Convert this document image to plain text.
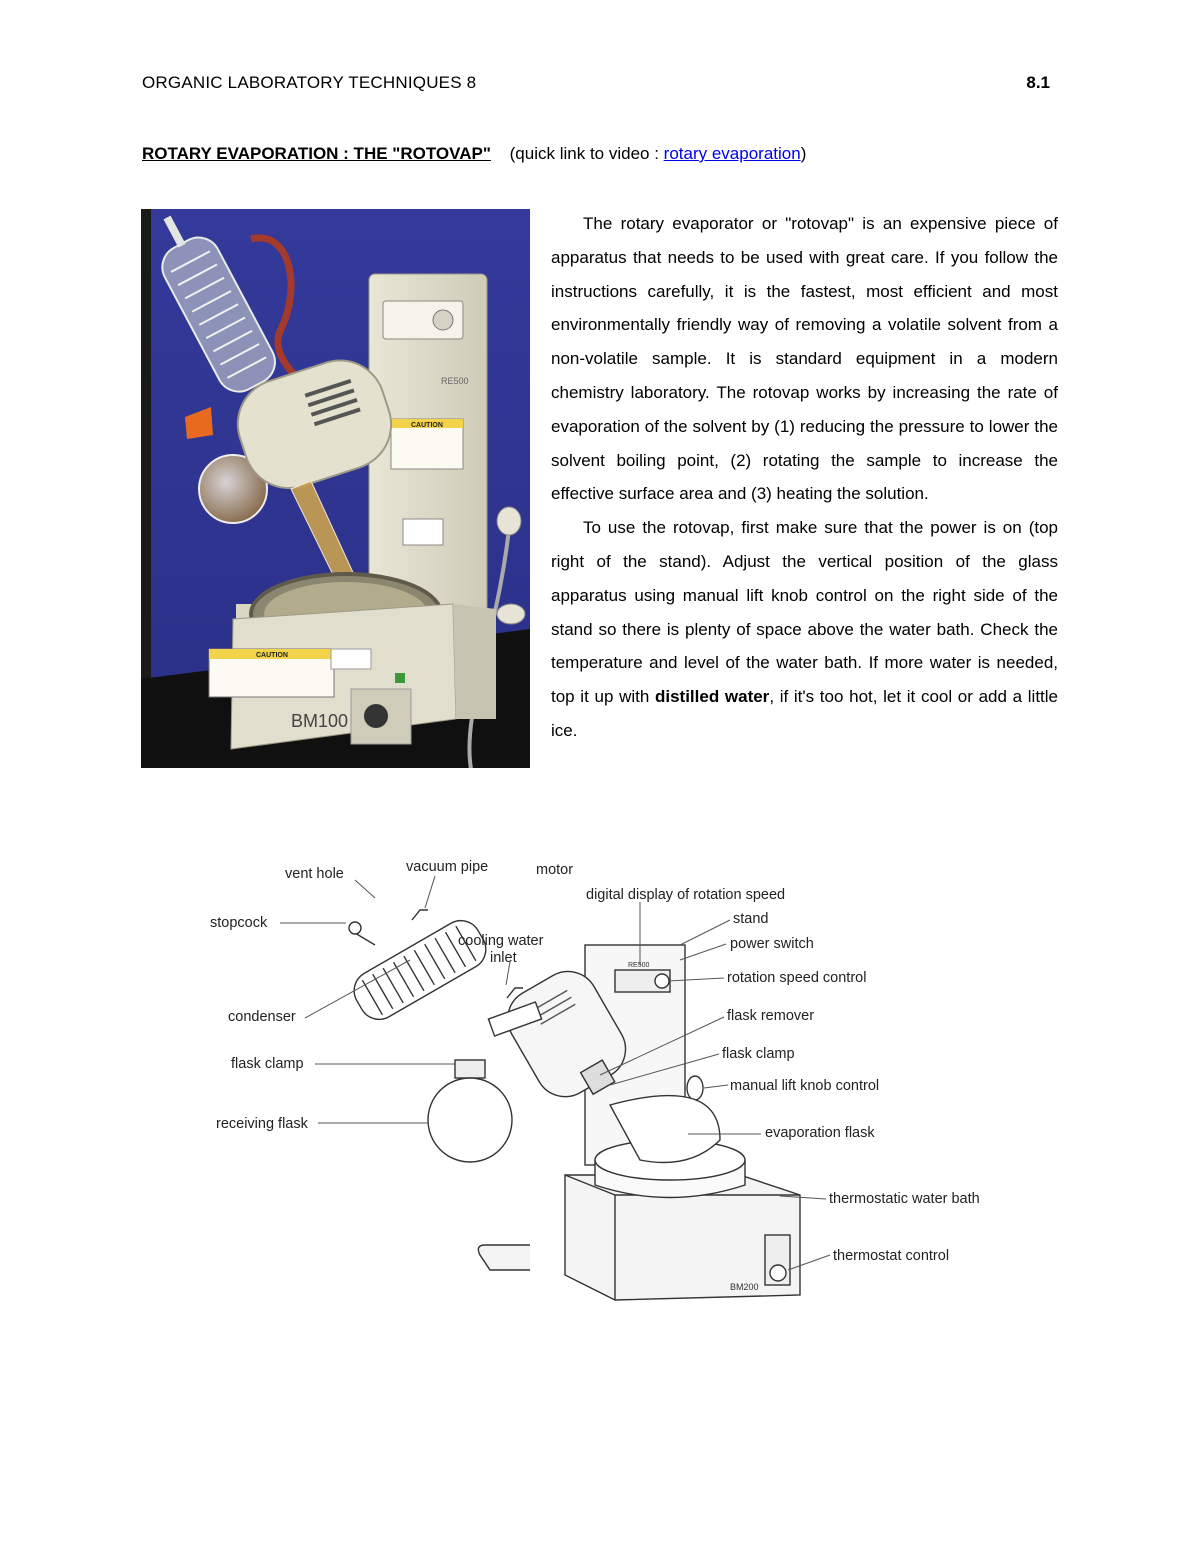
ORGANIC LABORATORY TECHNIQUES 8	8.1
ROTARY EVAPORATION : THE "ROTOVAP" (quick link to video : rotary evaporation)
RE500
CAUTION
CAUTION
BM100

The rotary evaporator or "rotovap" is an expensive piece of apparatus that needs to be used with great care. If you follow the instructions carefully, it is the fastest, most efficient and most environmentally friendly way of removing a volatile solvent from a non-volatile sample. It is standard equipment in a modern chemistry laboratory. The rotovap works by increasing the rate of evaporation of the solvent by (1) reducing the pressure to lower the solvent boiling point, (2) rotating the sample to increase the effective surface area and (3) heating the solution.

To use the rotovap, first make sure that the power is on (top right of the stand). Adjust the vertical position of the glass apparatus using manual lift knob control on the right side of the stand so there is plenty of space above the water bath. Check the temperature and level of the water bath. If more water is needed, top it up with distilled water, if it's too hot, let it cool or add a little ice.

RE500
BM200
vent hole	vacuum pipe	motor
digital display of rotation speed
stopcock
cooling water
inlet
stand
power switch
rotation speed control
condenser	flask remover
flask clamp
flask clamp
manual lift knob control
receiving flask
evaporation flask
thermostatic water bath
thermostat control
